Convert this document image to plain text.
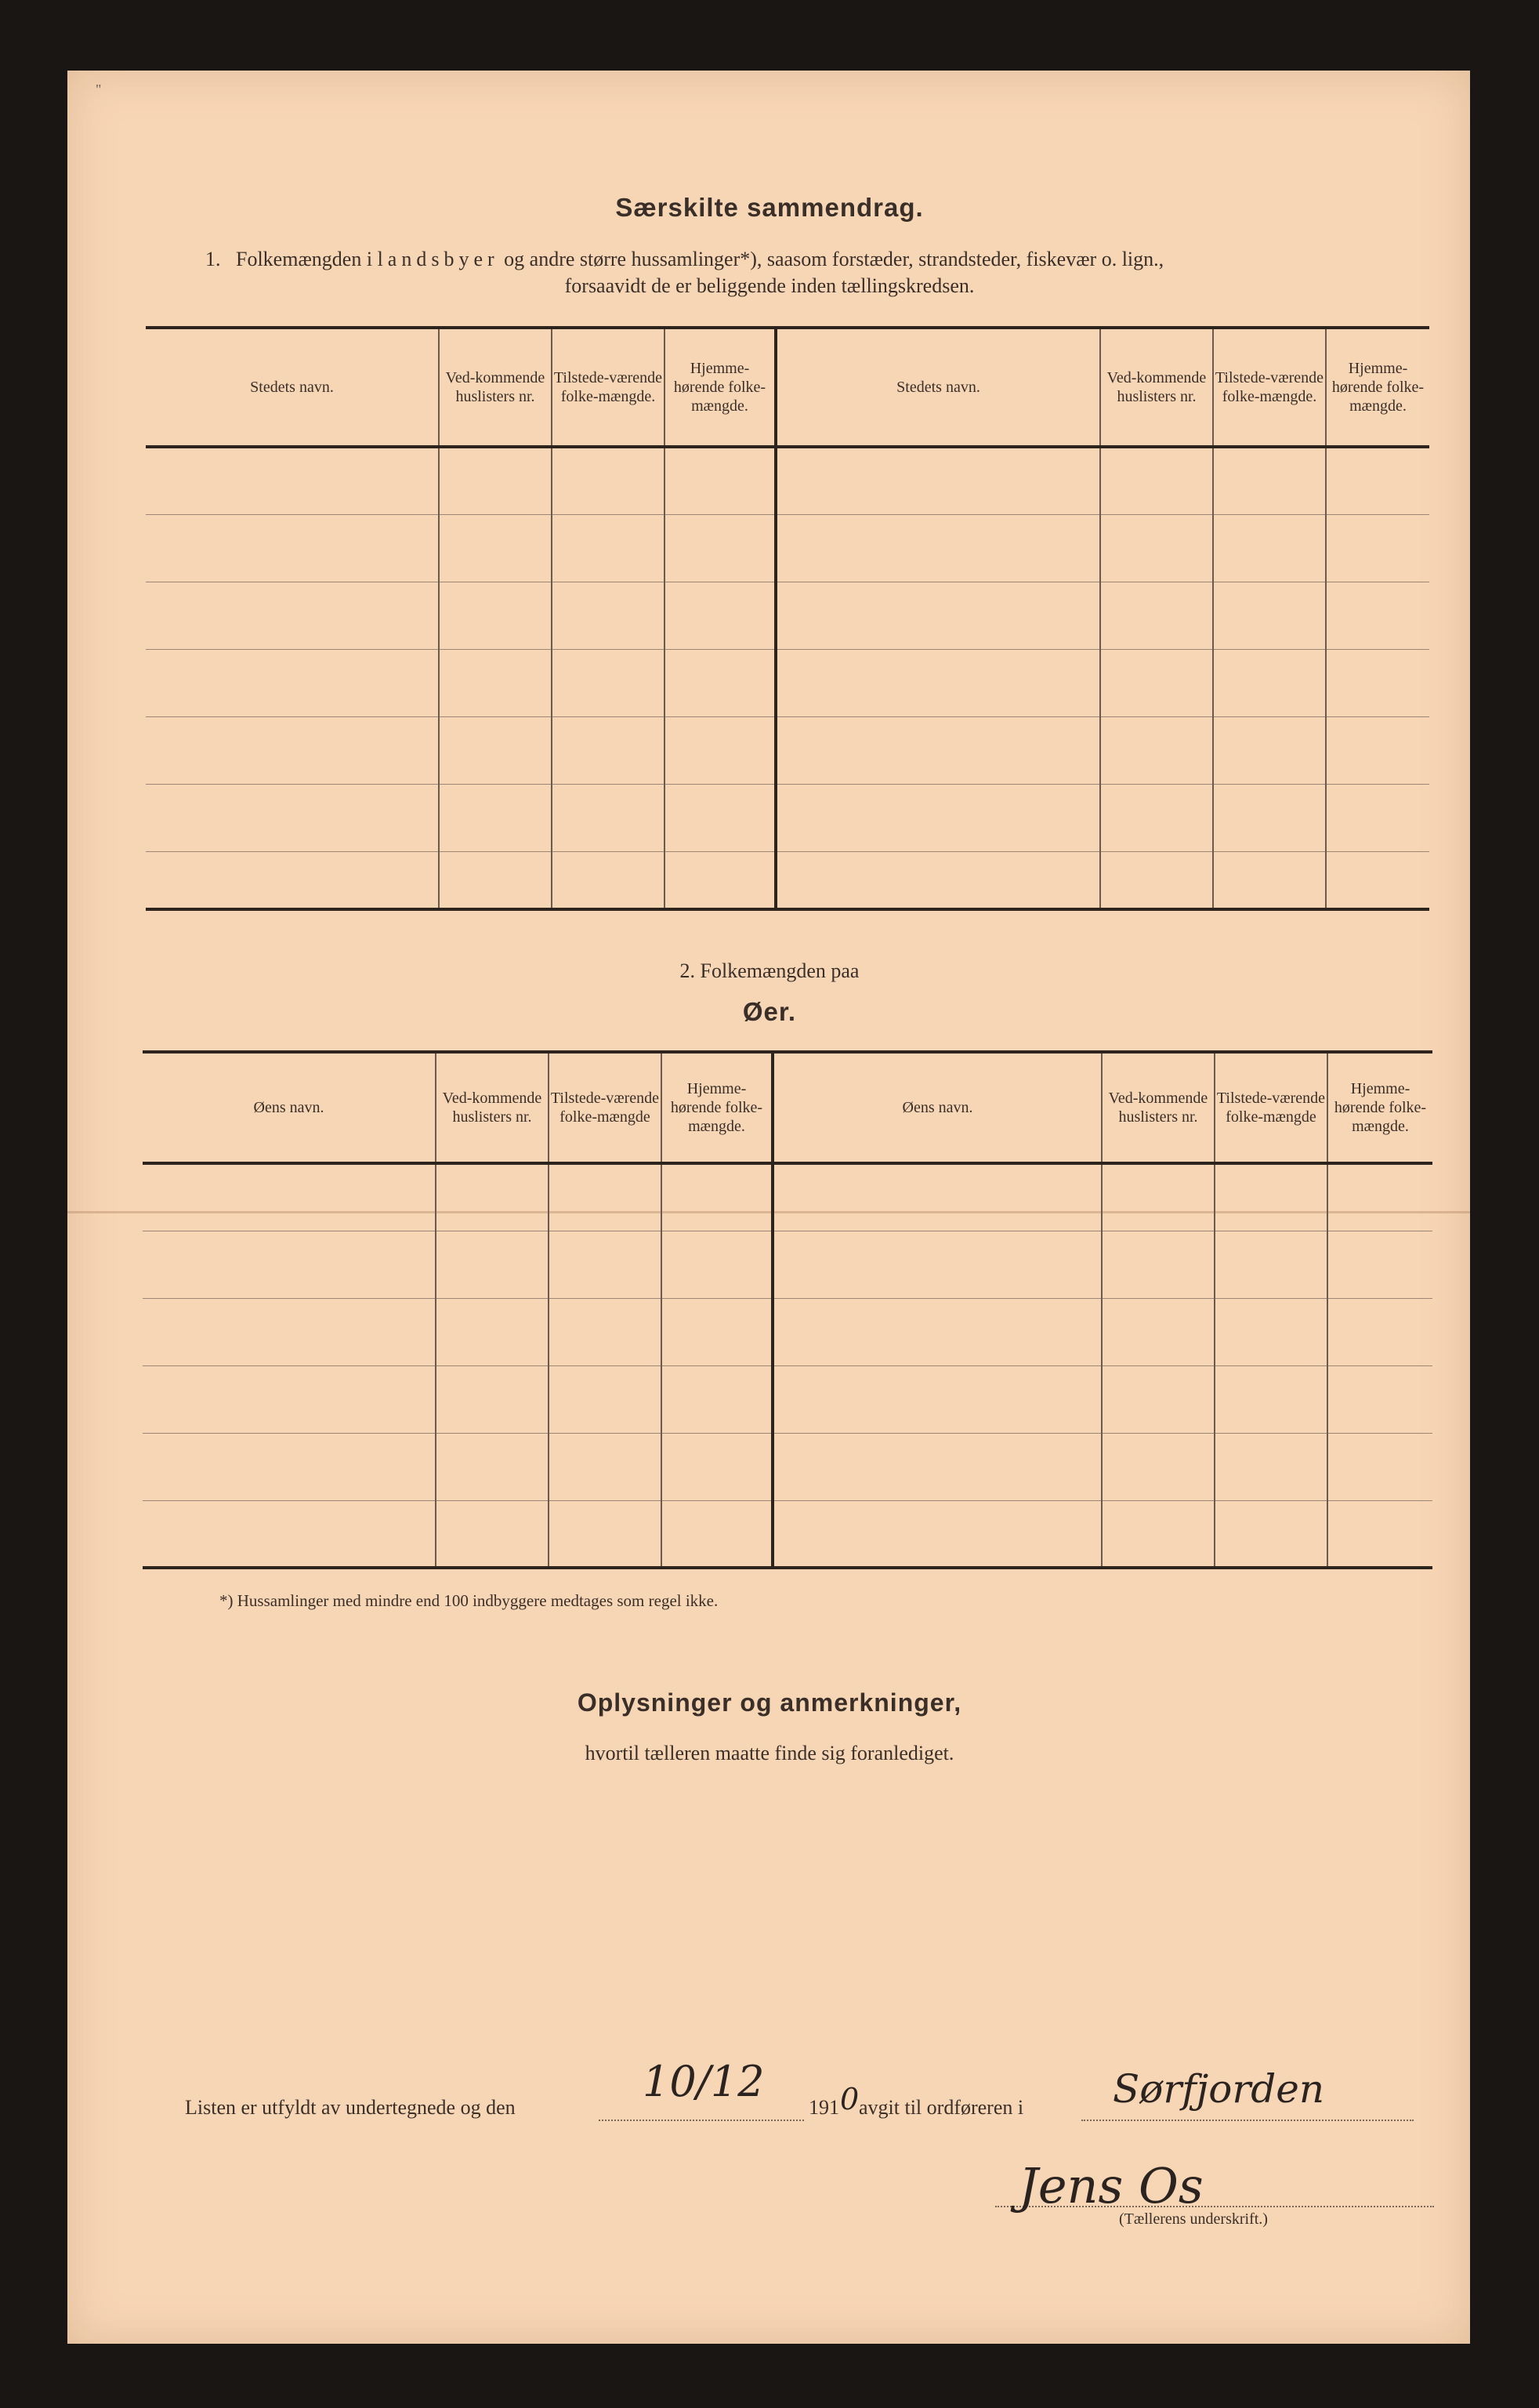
"
Særskilte sammendrag.
1. Folkemængden i landsbyer og andre større hussamlinger*), saasom forstæder, strandsteder, fiskevær o. lign.,
forsaavidt de er beliggende inden tællingskredsen.
Stedets navn.	Ved-kommende huslisters nr.	Tilstede-værende folke-mængde.	Hjemme-hørende folke-mængde.	Stedets navn.	Ved-kommende huslisters nr.	Tilstede-værende folke-mængde.	Hjemme-hørende folke-mængde.

2. Folkemængden paa
Øer.
Øens navn.	Ved-kommende huslisters nr.	Tilstede-værende folke-mængde	Hjemme-hørende folke-mængde.	Øens navn.	Ved-kommende huslisters nr.	Tilstede-værende folke-mængde	Hjemme-hørende folke-mængde.

*) Hussamlinger med mindre end 100 indbyggere medtages som regel ikke.
Oplysninger og anmerkninger,
hvortil tælleren maatte finde sig foranlediget.
Listen er utfyldt av undertegnede og den
10/12
191 0 avgit til ordføreren i Sørfjorden
Jens Os
(Tællerens underskrift.)
